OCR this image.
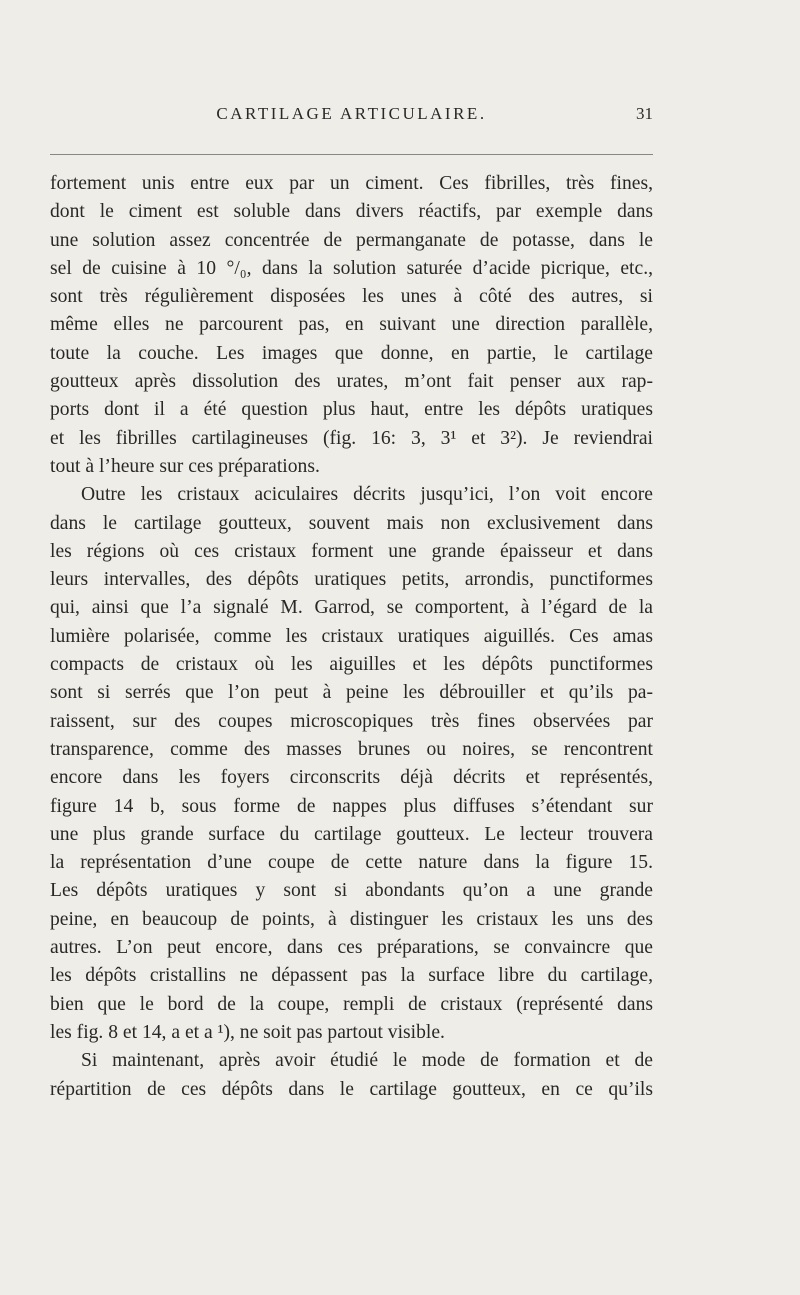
CARTILAGE ARTICULAIRE.	31
fortement unis entre eux par un ciment. Ces fibrilles, très fines,
dont le ciment est soluble dans divers réactifs, par exemple dans
une solution assez concentrée de permanganate de potasse, dans le
sel de cuisine à 10 °/₀, dans la solution saturée d’acide picrique, etc.,
sont très régulièrement disposées les unes à côté des autres, si
même elles ne parcourent pas, en suivant une direction parallèle,
toute la couche. Les images que donne, en partie, le cartilage
goutteux après dissolution des urates, m’ont fait penser aux rap-
ports dont il a été question plus haut, entre les dépôts uratiques
et les fibrilles cartilagineuses (fig. 16: 3, 3¹ et 3²). Je reviendrai
tout à l’heure sur ces préparations.
Outre les cristaux aciculaires décrits jusqu’ici, l’on voit encore
dans le cartilage goutteux, souvent mais non exclusivement dans
les régions où ces cristaux forment une grande épaisseur et dans
leurs intervalles, des dépôts uratiques petits, arrondis, punctiformes
qui, ainsi que l’a signalé M. Garrod, se comportent, à l’égard de la
lumière polarisée, comme les cristaux uratiques aiguillés. Ces amas
compacts de cristaux où les aiguilles et les dépôts punctiformes
sont si serrés que l’on peut à peine les débrouiller et qu’ils pa-
raissent, sur des coupes microscopiques très fines observées par
transparence, comme des masses brunes ou noires, se rencontrent
encore dans les foyers circonscrits déjà décrits et représentés,
figure 14 b, sous forme de nappes plus diffuses s’étendant sur
une plus grande surface du cartilage goutteux. Le lecteur trouvera
la représentation d’une coupe de cette nature dans la figure 15.
Les dépôts uratiques y sont si abondants qu’on a une grande
peine, en beaucoup de points, à distinguer les cristaux les uns des
autres. L’on peut encore, dans ces préparations, se convaincre que
les dépôts cristallins ne dépassent pas la surface libre du cartilage,
bien que le bord de la coupe, rempli de cristaux (représenté dans
les fig. 8 et 14, a et a ¹), ne soit pas partout visible.
Si maintenant, après avoir étudié le mode de formation et de
répartition de ces dépôts dans le cartilage goutteux, en ce qu’ils
